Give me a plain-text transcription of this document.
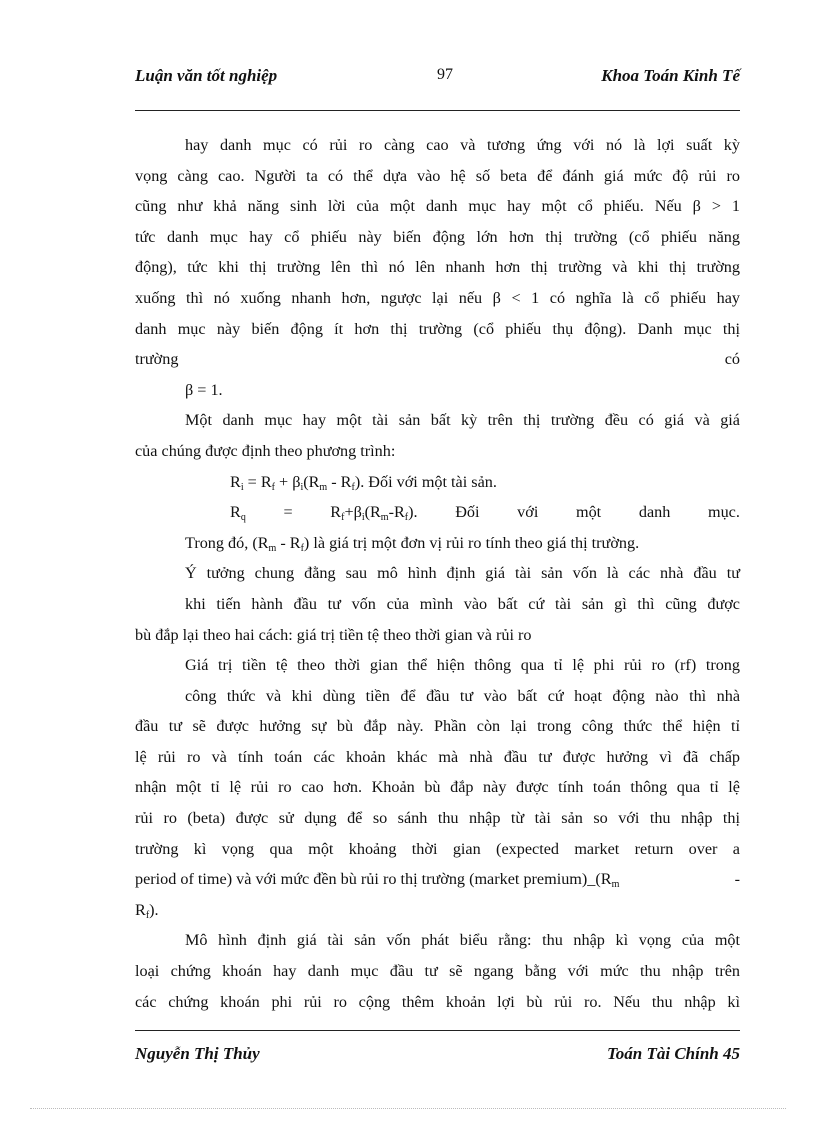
Luận văn tốt nghiệp	97	Khoa Toán Kinh Tế
hay danh mục có rủi ro càng cao và tương ứng với nó là lợi suất kỳ
vọng càng cao. Người ta có thể dựa vào hệ số beta để đánh giá mức độ rủi ro
cũng như khả năng sinh lời của một danh mục hay một cổ phiếu. Nếu β > 1
tức danh mục hay cổ phiếu này biến động lớn hơn thị trường (cổ phiếu năng
động), tức khi thị trường lên thì nó lên nhanh hơn thị trường và khi thị trường
xuống thì nó xuống nhanh hơn, ngược lại nếu β < 1 có nghĩa là cổ phiếu hay
danh mục này biến động ít hơn thị trường (cổ phiếu thụ động). Danh mục thị
trường	có
β = 1.
Một danh mục hay một tài sản bất kỳ trên thị trường đều có giá và giá
của chúng được định theo phương trình:
$R_i = R_f + \beta_i(R_m - R_f)$. Đối với một tài sản.
$R_q = R_f+\beta_i(R_m-R_f)$. Đối với một danh mục.
Trong đó, $(R_m - R_f)$ là giá trị một đơn vị rủi ro tính theo giá thị trường.
Ý tưởng chung đằng sau mô hình định giá tài sản vốn là các nhà đầu tư
khi tiến hành đầu tư vốn của mình vào bất cứ tài sản gì thì cũng được
bù đắp lại theo hai cách: giá trị tiền tệ theo thời gian và rủi ro
Giá trị tiền tệ theo thời gian thể hiện thông qua tỉ lệ phi rủi ro (rf) trong
công thức và khi dùng tiền để đầu tư vào bất cứ hoạt động nào thì nhà
đầu tư sẽ được hưởng sự bù đắp này. Phần còn lại trong công thức thể hiện tỉ
lệ rủi ro và tính toán các khoản khác mà nhà đầu tư được hưởng vì đã chấp
nhận một tỉ lệ rủi ro cao hơn. Khoản bù đắp này được tính toán thông qua tỉ lệ
rủi ro (beta) được sử dụng để so sánh thu nhập từ tài sản so với thu nhập thị
trường kì vọng qua một khoảng thời gian (expected market return over a
period of time) và với mức đền bù rủi ro thị trường (market $premium)\_(R_m$	-
$R_f$).
Mô hình định giá tài sản vốn phát biểu rằng: thu nhập kì vọng của một
loại chứng khoán hay danh mục đầu tư sẽ ngang bằng với mức thu nhập trên
các chứng khoán phi rủi ro cộng thêm khoản lợi bù rủi ro. Nếu thu nhập kì
Nguyễn Thị Thủy	Toán Tài Chính 45
